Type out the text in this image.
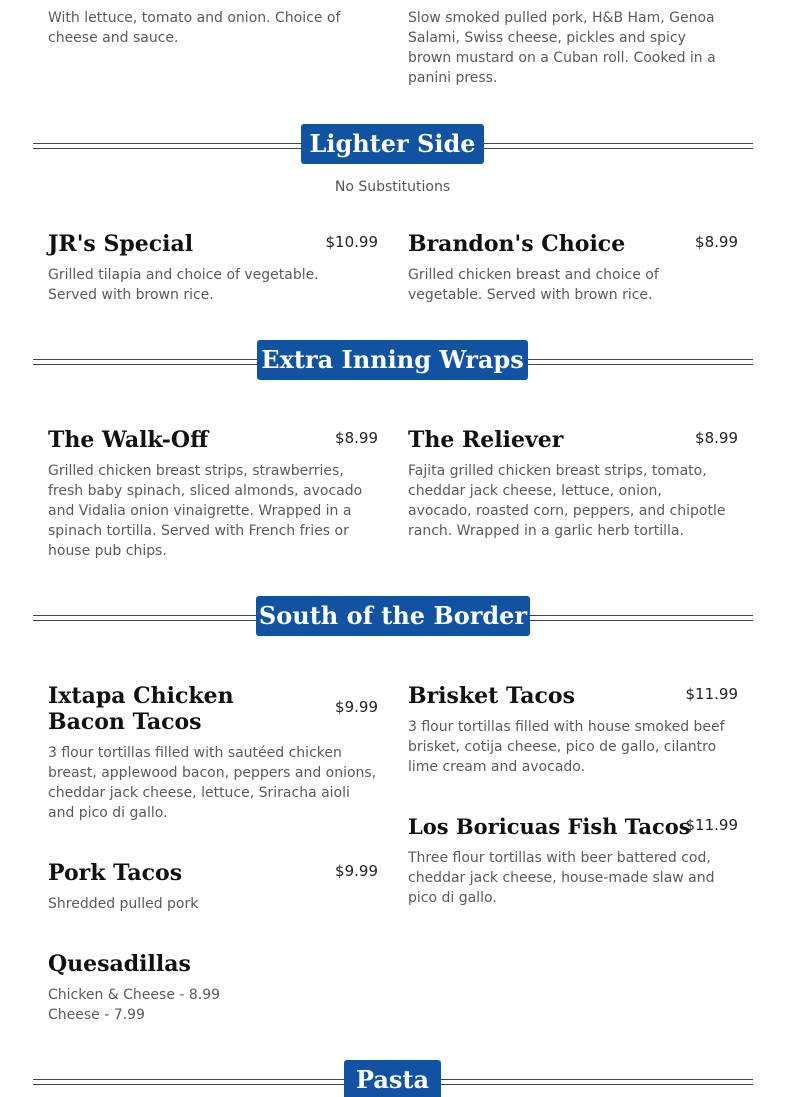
With lettuce, tomato and onion. Choice of cheese and sauce.
Slow smoked pulled pork, H&B Ham, Genoa Salami, Swiss cheese, pickles and spicy brown mustard on a Cuban roll. Cooked in a panini press.
Lighter Side
No Substitutions
JR's Special	$10.99
Grilled tilapia and choice of vegetable. Served with brown rice.
Brandon's Choice	$8.99
Grilled chicken breast and choice of vegetable. Served with brown rice.
Extra Inning Wraps
The Walk-Off	$8.99
Grilled chicken breast strips, strawberries, fresh baby spinach, sliced almonds, avocado and Vidalia onion vinaigrette. Wrapped in a spinach tortilla. Served with French fries or house pub chips.
The Reliever	$8.99
Fajita grilled chicken breast strips, tomato, cheddar jack cheese, lettuce, onion, avocado, roasted corn, peppers, and chipotle ranch. Wrapped in a garlic herb tortilla.
South of the Border
Ixtapa Chicken Bacon Tacos
$9.99
3 flour tortillas filled with sautéed chicken breast, applewood bacon, peppers and onions, cheddar jack cheese, lettuce, Sriracha aioli and pico di gallo.
Brisket Tacos	$11.99
3 flour tortillas filled with house smoked beef brisket, cotija cheese, pico de gallo, cilantro lime cream and avocado.
Los Boricuas Fish Tacos
$11.99
Three flour tortillas with beer battered cod, cheddar jack cheese, house-made slaw and pico di gallo.
Pork Tacos	$9.99
Shredded pulled pork
Quesadillas
Chicken & Cheese - 8.99
Cheese - 7.99
Pasta
